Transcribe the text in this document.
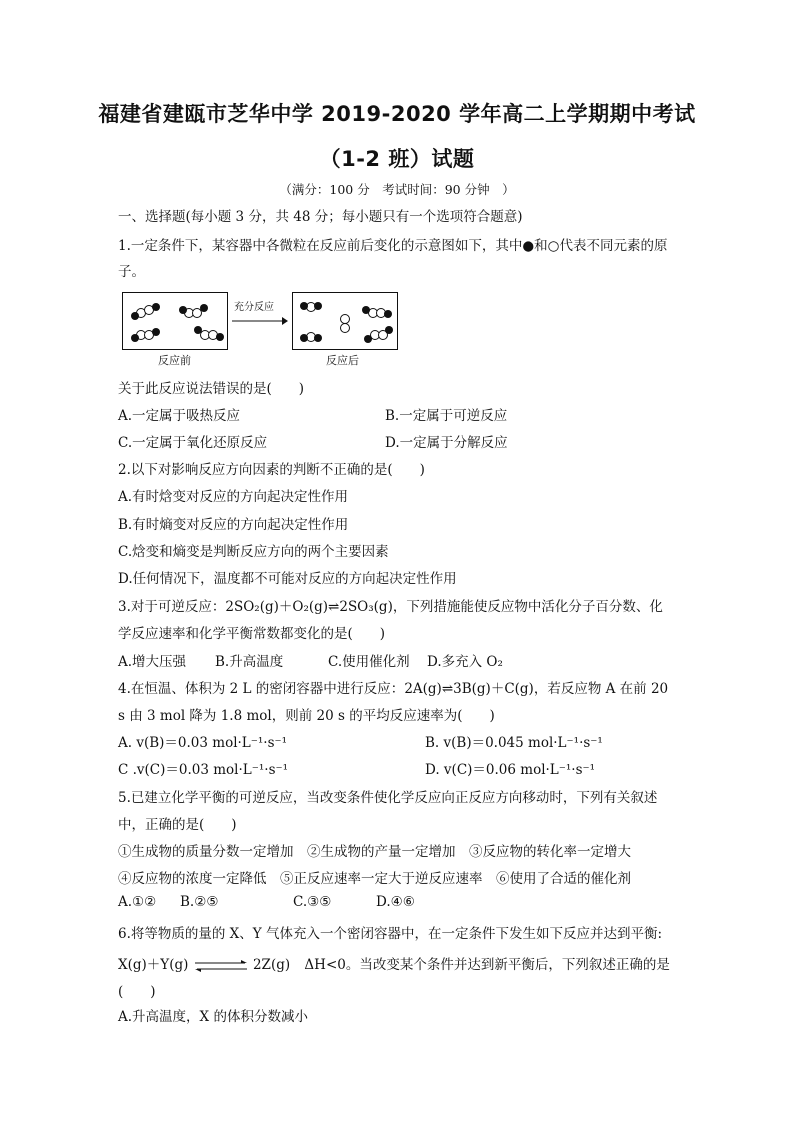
福建省建瓯市芝华中学 2019-2020 学年高二上学期期中考试
（1-2 班）试题
（满分：100 分　考试时间：90 分钟　）
一、选择题(每小题 3 分，共 48 分；每小题只有一个选项符合题意)
1.一定条件下，某容器中各微粒在反应前后变化的示意图如下，其中●和○代表不同元素的原
子。
充分反应
反应前	反应后
关于此反应说法错误的是(　　)
A.一定属于吸热反应	B.一定属于可逆反应
C.一定属于氧化还原反应	D.一定属于分解反应
2.以下对影响反应方向因素的判断不正确的是(　　)
A.有时焓变对反应的方向起决定性作用
B.有时熵变对反应的方向起决定性作用
C.焓变和熵变是判断反应方向的两个主要因素
D.任何情况下，温度都不可能对反应的方向起决定性作用
3.对于可逆反应：2SO₂(g)＋O₂(g)⇌2SO₃(g)，下列措施能使反应物中活化分子百分数、化
学反应速率和化学平衡常数都变化的是(　　)
A.增大压强 B.升高温度	C.使用催化剂 D.多充入 O₂
4.在恒温、体积为 2 L 的密闭容器中进行反应：2A(g)⇌3B(g)＋C(g)，若反应物 A 在前 20
s 由 3 mol 降为 1.8 mol，则前 20 s 的平均反应速率为(　　)
A. v(B)＝0.03 mol·L⁻¹·s⁻¹	B. v(B)＝0.045 mol·L⁻¹·s⁻¹
C .v(C)＝0.03 mol·L⁻¹·s⁻¹	D. v(C)＝0.06 mol·L⁻¹·s⁻¹
5.已建立化学平衡的可逆反应，当改变条件使化学反应向正反应方向移动时，下列有关叙述
中，正确的是(　　)
①生成物的质量分数一定增加　②生成物的产量一定增加　③反应物的转化率一定增大
④反应物的浓度一定降低　⑤正反应速率一定大于逆反应速率　⑥使用了合适的催化剂
A.①② B.②⑤	C.③⑤	D.④⑥
6.将等物质的量的 X、Y 气体充入一个密闭容器中，在一定条件下发生如下反应并达到平衡:
X(g)＋Y(g)	2Z(g) ΔH<0。当改变某个条件并达到新平衡后，下列叙述正确的是
(　　)
A.升高温度，X 的体积分数减小
